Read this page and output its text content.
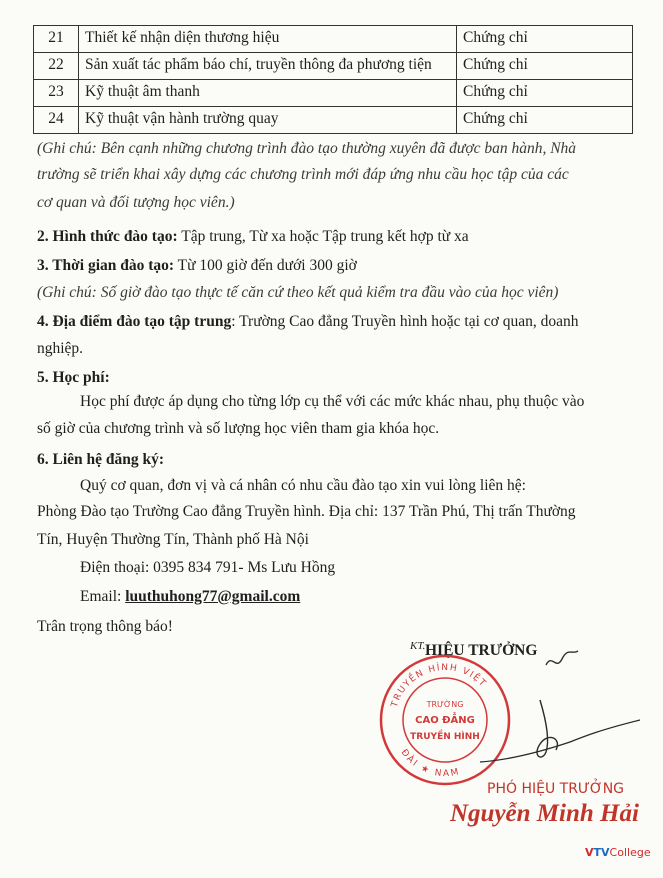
21	Thiết kế nhận diện thương hiệu	Chứng chỉ
22	Sản xuất tác phẩm báo chí, truyền thông đa phương tiện	Chứng chỉ
23	Kỹ thuật âm thanh	Chứng chỉ
24	Kỹ thuật vận hành trường quay	Chứng chỉ
(Ghi chú: Bên cạnh những chương trình đào tạo thường xuyên đã được ban hành, Nhà
trường sẽ triển khai xây dựng các chương trình mới đáp ứng nhu cầu học tập của các
cơ quan và đối tượng học viên.)
2. Hình thức đào tạo: Tập trung, Từ xa hoặc Tập trung kết hợp từ xa
3. Thời gian đào tạo: Từ 100 giờ đến dưới 300 giờ
(Ghi chú: Số giờ đào tạo thực tế căn cứ theo kết quả kiểm tra đầu vào của học viên)
4. Địa điểm đào tạo tập trung: Trường Cao đẳng Truyền hình hoặc tại cơ quan, doanh
nghiệp.
5. Học phí:
Học phí được áp dụng cho từng lớp cụ thể với các mức khác nhau, phụ thuộc vào
số giờ của chương trình và số lượng học viên tham gia khóa học.
6. Liên hệ đăng ký:
Quý cơ quan, đơn vị và cá nhân có nhu cầu đào tạo xin vui lòng liên hệ:
Phòng Đào tạo Trường Cao đẳng Truyền hình. Địa chỉ: 137 Trần Phú, Thị trấn Thường
Tín, Huyện Thường Tín, Thành phố Hà Nội
Điện thoại: 0395 834 791- Ms Lưu Hồng
Email: luuthuhong77@gmail.com
Trân trọng thông báo!
KT. HIỆU TRƯỞNG
TRUYỀN HÌNH VIỆT
ĐÀI ★ NAM
TRƯỜNG
CAO ĐẲNG
TRUYỀN HÌNH
PHÓ HIỆU TRƯỞNG
Nguyễn Minh Hải
VTVCollege
